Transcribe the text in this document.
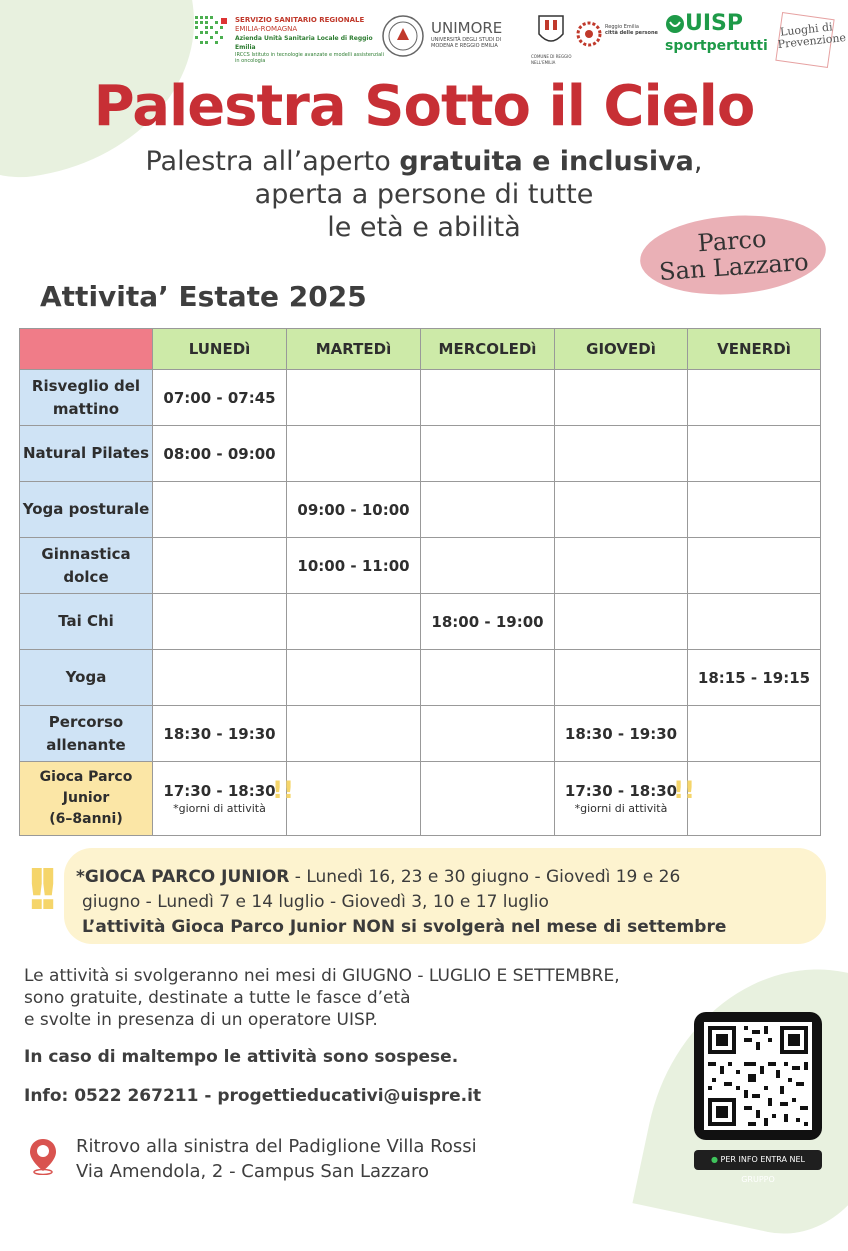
SERVIZIO SANITARIO REGIONALE
EMILIA-ROMAGNA
Azienda Unità Sanitaria Locale di Reggio Emilia
IRCCS Istituto in tecnologie avanzate e modelli assistenziali in oncologia
UNIMORE
UNIVERSITÀ DEGLI STUDI DI MODENA E REGGIO EMILIA
COMUNE DI REGGIO NELL'EMILIA
Reggio Emilia
città delle persone	UISP
sportpertutti
Luoghi di Prevenzione
Palestra Sotto il Cielo
Palestra all’aperto gratuita e inclusiva,
aperta a persone di tutte
le età e abilità	Parco
San Lazzaro
Attivita’ Estate 2025
	LUNEDì	MARTEDì	MERCOLEDì	GIOVEDì	VENERDì
Risveglio del
mattino	07:00 - 07:45				
Natural Pilates	08:00 - 09:00				
Yoga posturale		09:00 - 10:00			
Ginnastica
dolce		10:00 - 11:00			
Tai Chi			18:00 - 19:00		
Yoga					18:15 - 19:15
Percorso
allenante	18:30 - 19:30			18:30 - 19:30	
Gioca Parco
Junior
(6–8anni)	17:30 - 18:30
*giorni di attività
!!			17:30 - 18:30
*giorni di attività
!!	

!! *GIOCA PARCO JUNIOR - Lunedì 16, 23 e 30 giugno - Giovedì 19 e 26
giugno - Lunedì 7 e 14 luglio - Giovedì 3, 10 e 17 luglio
L’attività Gioca Parco Junior NON si svolgerà nel mese di settembre
Le attività si svolgeranno nei mesi di GIUGNO - LUGLIO E SETTEMBRE,
sono gratuite, destinate a tutte le fasce d’età
e svolte in presenza di un operatore UISP.
In caso di maltempo le attività sono sospese.
Info: 0522 267211 - progettieducativi@uispre.it
Ritrovo alla sinistra del Padiglione Villa Rossi
Via Amendola, 2 - Campus San Lazzaro
● PER INFO ENTRA NEL GRUPPO
